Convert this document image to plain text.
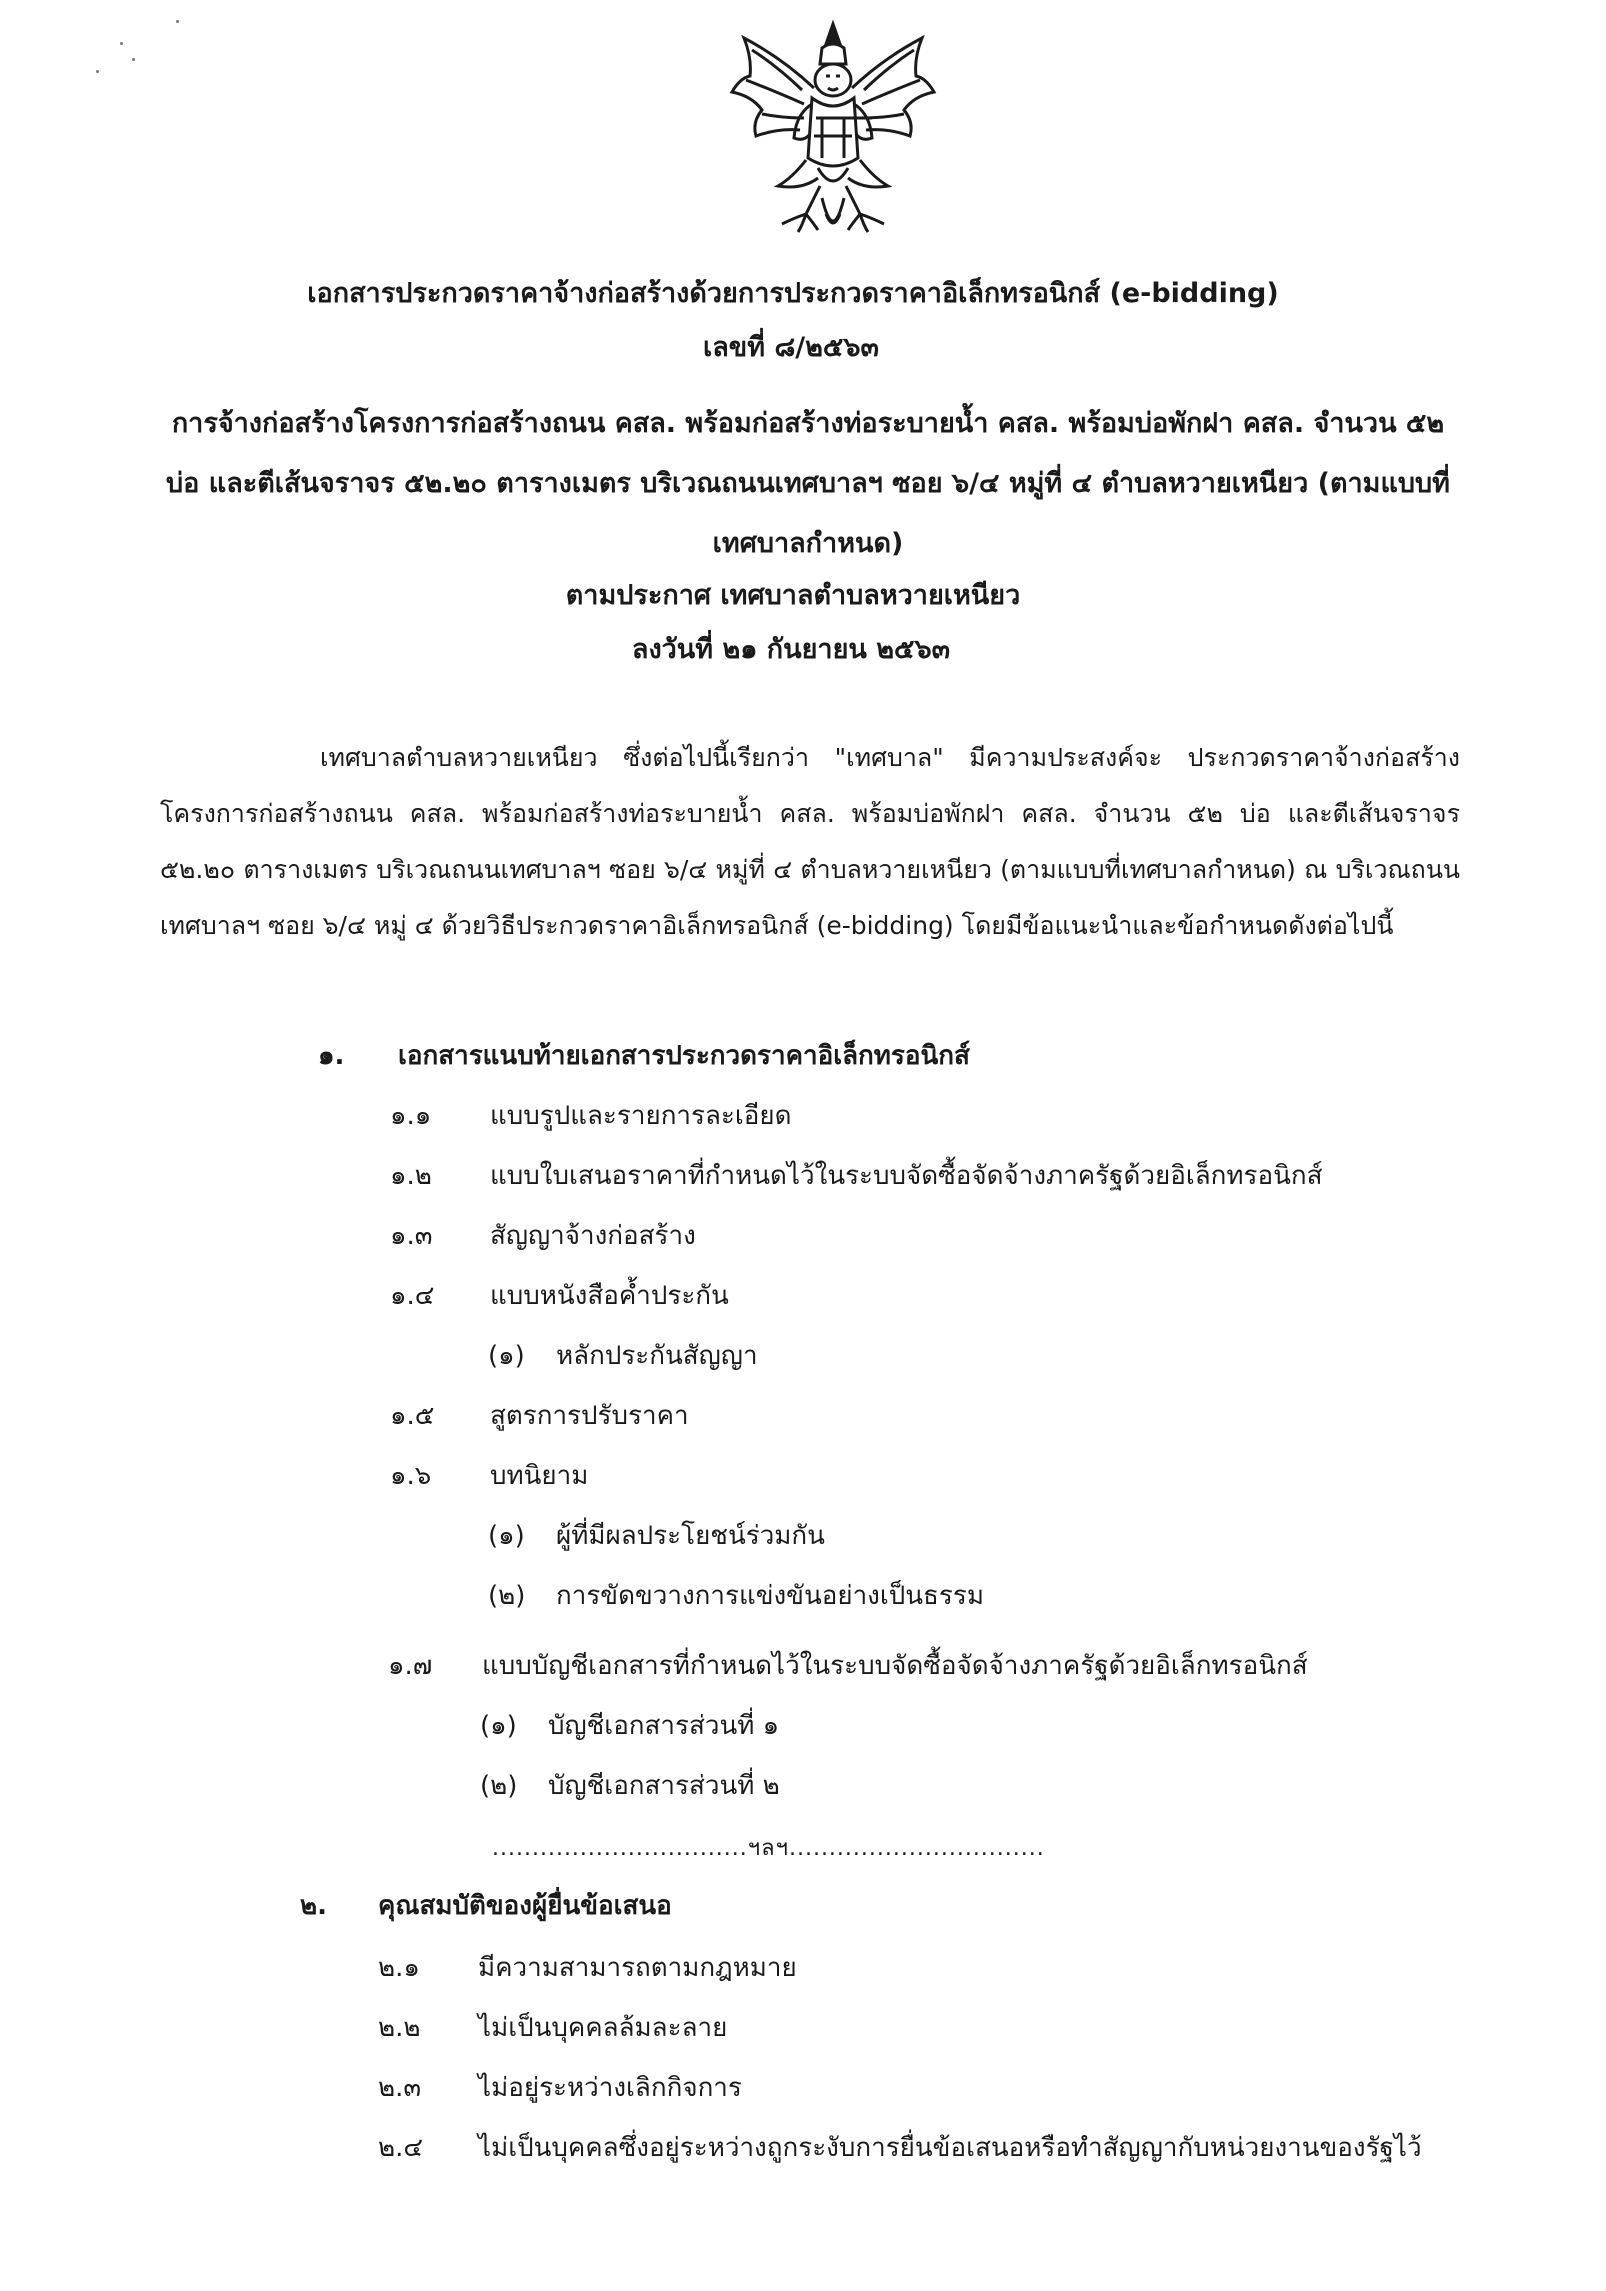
เอกสารประกวดราคาจ้างก่อสร้างด้วยการประกวดราคาอิเล็กทรอนิกส์ (e-bidding)
เลขที่ ๘/๒๕๖๓
การจ้างก่อสร้างโครงการก่อสร้างถนน คสล. พร้อมก่อสร้างท่อระบายน้ำ คสล. พร้อมบ่อพักฝา คสล. จำนวน ๕๒ บ่อ และตีเส้นจราจร ๕๒.๒๐ ตารางเมตร บริเวณถนนเทศบาลฯ ซอย ๖/๔ หมู่ที่ ๔ ตำบลหวายเหนียว (ตามแบบที่เทศบาลกำหนด)
ตามประกาศ เทศบาลตำบลหวายเหนียว
ลงวันที่ ๒๑ กันยายน ๒๕๖๓
เทศบาลตำบลหวายเหนียว ซึ่งต่อไปนี้เรียกว่า "เทศบาล" มีความประสงค์จะ ประกวดราคาจ้างก่อสร้าง โครงการก่อสร้างถนน คสล. พร้อมก่อสร้างท่อระบายน้ำ คสล. พร้อมบ่อพักฝา คสล. จำนวน ๕๒ บ่อ และตีเส้นจราจร ๕๒.๒๐ ตารางเมตร บริเวณถนนเทศบาลฯ ซอย ๖/๔ หมู่ที่ ๔ ตำบลหวายเหนียว (ตามแบบที่เทศบาลกำหนด) ณ บริเวณถนนเทศบาลฯ ซอย ๖/๔ หมู่ ๔ ด้วยวิธีประกวดราคาอิเล็กทรอนิกส์ (e-bidding) โดยมีข้อแนะนำและข้อกำหนดดังต่อไปนี้
๑. เอกสารแนบท้ายเอกสารประกวดราคาอิเล็กทรอนิกส์
๑.๑ แบบรูปและรายการละเอียด
๑.๒ แบบใบเสนอราคาที่กำหนดไว้ในระบบจัดซื้อจัดจ้างภาครัฐด้วยอิเล็กทรอนิกส์
๑.๓ สัญญาจ้างก่อสร้าง
๑.๔ แบบหนังสือค้ำประกัน
(๑) หลักประกันสัญญา
๑.๕ สูตรการปรับราคา
๑.๖ บทนิยาม
(๑) ผู้ที่มีผลประโยชน์ร่วมกัน
(๒) การขัดขวางการแข่งขันอย่างเป็นธรรม
๑.๗ แบบบัญชีเอกสารที่กำหนดไว้ในระบบจัดซื้อจัดจ้างภาครัฐด้วยอิเล็กทรอนิกส์
(๑) บัญชีเอกสารส่วนที่ ๑
(๒) บัญชีเอกสารส่วนที่ ๒
................................ฯลฯ................................
๒. คุณสมบัติของผู้ยื่นข้อเสนอ
๒.๑ มีความสามารถตามกฎหมาย
๒.๒ ไม่เป็นบุคคลล้มละลาย
๒.๓ ไม่อยู่ระหว่างเลิกกิจการ
๒.๔ ไม่เป็นบุคคลซึ่งอยู่ระหว่างถูกระงับการยื่นข้อเสนอหรือทำสัญญากับหน่วยงานของรัฐไว้
